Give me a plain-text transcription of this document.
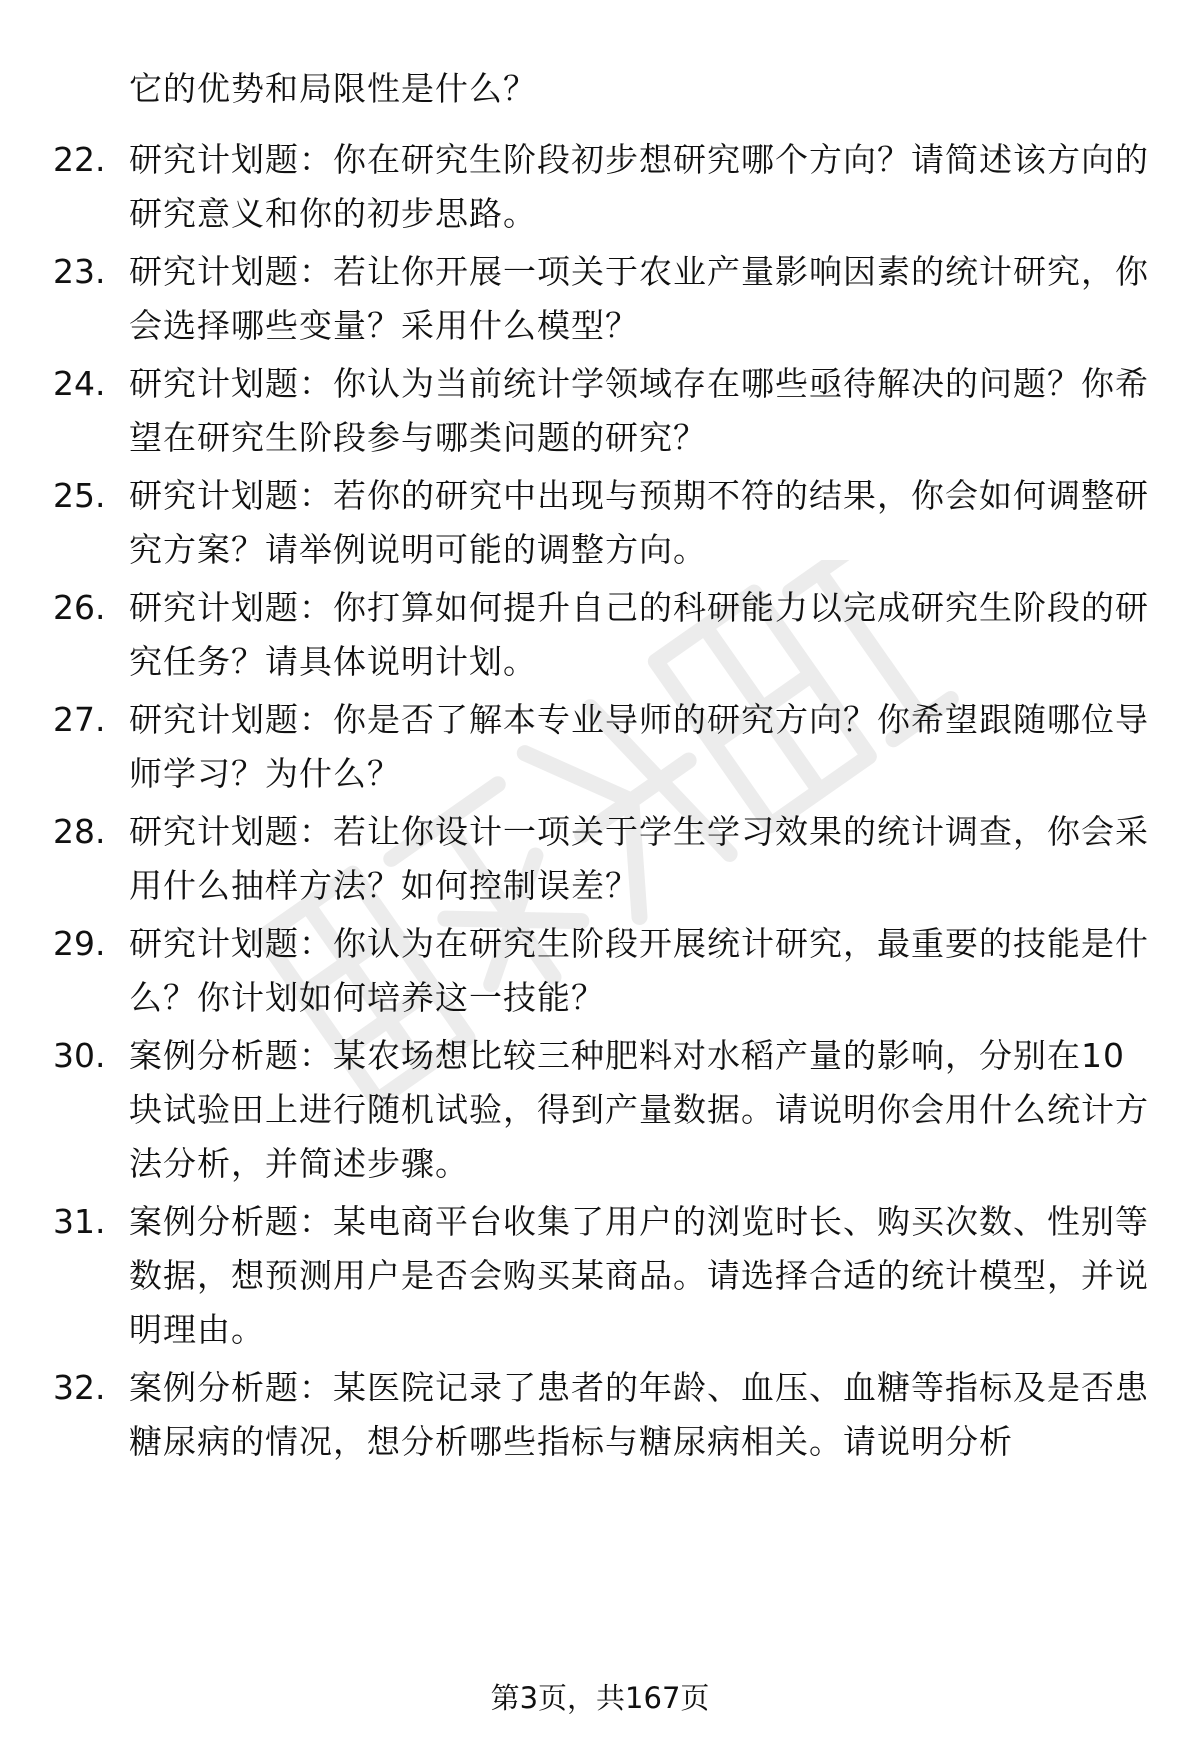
它的优势和局限性是什么？
22. 研究计划题：你在研究生阶段初步想研究哪个方向？请简述该方向的研究意义和你的初步思路。
23. 研究计划题：若让你开展一项关于农业产量影响因素的统计研究，你会选择哪些变量？采用什么模型？
24. 研究计划题：你认为当前统计学领域存在哪些亟待解决的问题？你希望在研究生阶段参与哪类问题的研究？
25. 研究计划题：若你的研究中出现与预期不符的结果，你会如何调整研究方案？请举例说明可能的调整方向。
26. 研究计划题：你打算如何提升自己的科研能力以完成研究生阶段的研究任务？请具体说明计划。
27. 研究计划题：你是否了解本专业导师的研究方向？你希望跟随哪位导师学习？为什么？
28. 研究计划题：若让你设计一项关于学生学习效果的统计调查，你会采用什么抽样方法？如何控制误差？
29. 研究计划题：你认为在研究生阶段开展统计研究，最重要的技能是什么？你计划如何培养这一技能？
30. 案例分析题：某农场想比较三种肥料对水稻产量的影响，分别在10块试验田上进行随机试验，得到产量数据。请说明你会用什么统计方法分析，并简述步骤。
31. 案例分析题：某电商平台收集了用户的浏览时长、购买次数、性别等数据，想预测用户是否会购买某商品。请选择合适的统计模型，并说明理由。
32. 案例分析题：某医院记录了患者的年龄、血压、血糖等指标及是否患糖尿病的情况，想分析哪些指标与糖尿病相关。请说明分析
第3页，共167页
